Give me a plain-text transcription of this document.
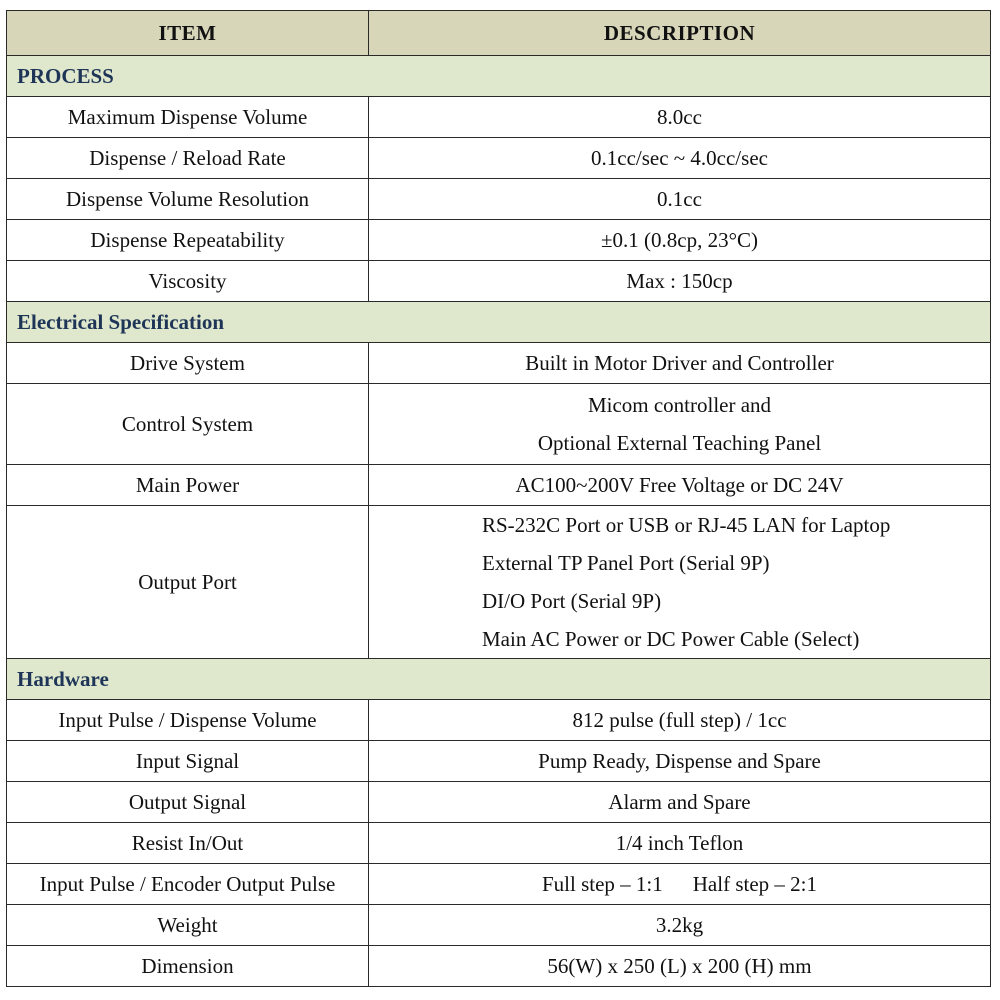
ITEM	DESCRIPTION
PROCESS	
Maximum Dispense Volume	8.0cc
Dispense / Reload Rate	0.1cc/sec ~ 4.0cc/sec
Dispense Volume Resolution	0.1cc
Dispense Repeatability	±0.1 (0.8cp, 23°C)
Viscosity	Max : 150cp
Electrical Specification	
Drive System	Built in Motor Driver and Controller
Control System	Micom controller and
Optional External Teaching Panel

Main Power	AC100~200V Free Voltage or DC 24V
Output Port	RS-232C Port or USB or RJ-45 LAN for Laptop
External TP Panel Port (Serial 9P)
DI/O Port (Serial 9P)
Main AC Power or DC Power Cable (Select)

Hardware	
Input Pulse / Dispense Volume	812 pulse (full step) / 1cc
Input Signal	Pump Ready, Dispense and Spare
Output Signal	Alarm and Spare
Resist In/Out	1/4 inch Teflon
Input Pulse / Encoder Output Pulse	Full step – 1:1 Half step – 2:1
Weight	3.2kg
Dimension	56(W) x 250 (L) x 200 (H) mm
